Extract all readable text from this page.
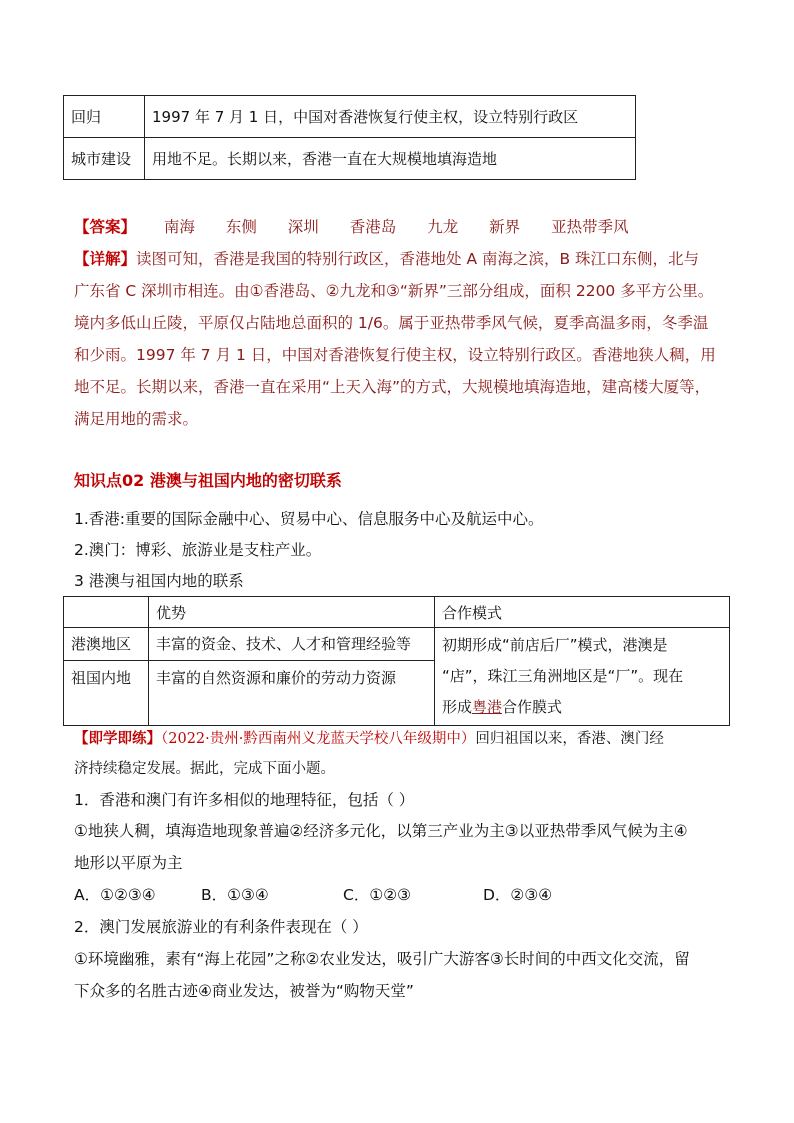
回归	1997 年 7 月 1 日，中国对香港恢复行使主权，设立特别行政区
城市建设	用地不足。长期以来，香港一直在大规模地填海造地
【答案】 南海 东侧 深圳 香港岛 九龙 新界 亚热带季风
【详解】读图可知，香港是我国的特别行政区，香港地处 A 南海之滨，B 珠江口东侧，北与
广东省 C 深圳市相连。由①香港岛、②九龙和③“新界”三部分组成，面积 2200 多平方公里。
境内多低山丘陵，平原仅占陆地总面积的 1/6。属于亚热带季风气候，夏季高温多雨，冬季温
和少雨。1997 年 7 月 1 日，中国对香港恢复行使主权，设立特别行政区。香港地狭人稠，用
地不足。长期以来，香港一直在采用“上天入海”的方式，大规模地填海造地，建高楼大厦等，
满足用地的需求。
知识点02 港澳与祖国内地的密切联系
1.香港:重要的国际金融中心、贸易中心、信息服务中心及航运中心。
2.澳门：博彩、旅游业是支柱产业。
3 港澳与祖国内地的联系
	优势	合作模式
港澳地区	丰富的资金、技术、人才和管理经验等	初期形成“前店后厂”模式，港澳是
“店”，珠江三角洲地区是“厂”。现在
形成粤港合作膜式

祖国内地	丰富的自然资源和廉价的劳动力资源	
【即学即练】（2022·贵州·黔西南州义龙蓝天学校八年级期中）回归祖国以来，香港、澳门经
济持续稳定发展。据此，完成下面小题。
1．香港和澳门有许多相似的地理特征，包括（ ）
①地狭人稠，填海造地现象普遍②经济多元化，以第三产业为主③以亚热带季风气候为主④
地形以平原为主
A．①②③④	B．①③④	C．①②③	D．②③④
2．澳门发展旅游业的有利条件表现在（ ）
①环境幽雅，素有“海上花园”之称②农业发达，吸引广大游客③长时间的中西文化交流，留
下众多的名胜古迹④商业发达，被誉为“购物天堂”
